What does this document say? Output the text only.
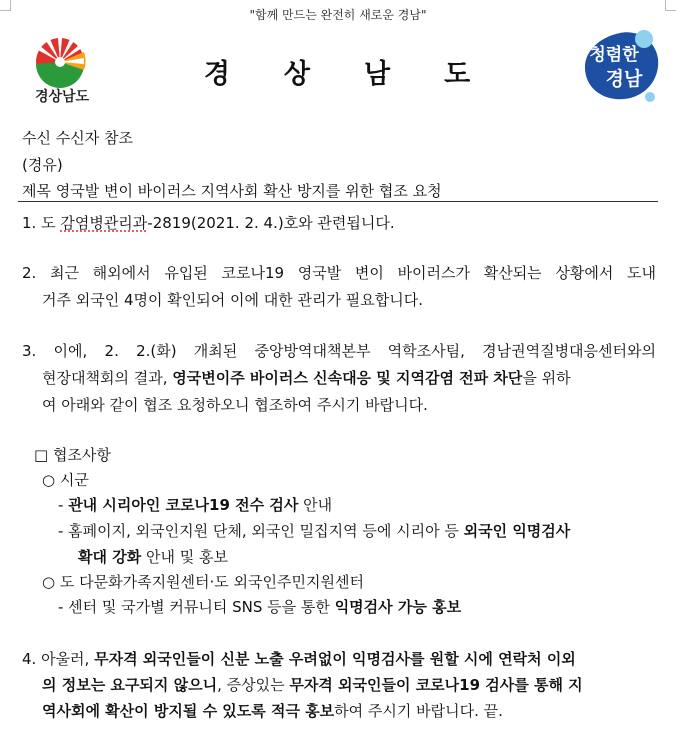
"함께 만드는 완전히 새로운 경남"
경상남도
경 상 남 도
청렴한
경남
수신 수신자 참조
(경유)
제목 영국발 변이 바이러스 지역사회 확산 방지를 위한 협조 요청
1. 도 감염병관리과-2819(2021. 2. 4.)호와 관련됩니다.
2. 최근 해외에서 유입된 코로나19 영국발 변이 바이러스가 확산되는 상황에서 도내
거주 외국인 4명이 확인되어 이에 대한 관리가 필요합니다.
3. 이에, 2. 2.(화) 개최된 중앙방역대책본부 역학조사팀, 경남권역질병대응센터와의
현장대책회의 결과, 영국변이주 바이러스 신속대응 및 지역감염 전파 차단을 위하
여 아래와 같이 협조 요청하오니 협조하여 주시기 바랍니다.
□ 협조사항
○ 시군
- 관내 시리아인 코로나19 전수 검사 안내
- 홈페이지, 외국인지원 단체, 외국인 밀집지역 등에 시리아 등 외국인 익명검사
확대 강화 안내 및 홍보
○ 도 다문화가족지원센터·도 외국인주민지원센터
- 센터 및 국가별 커뮤니티 SNS 등을 통한 익명검사 가능 홍보
4. 아울러, 무자격 외국인들이 신분 노출 우려없이 익명검사를 원할 시에 연락처 이외
의 정보는 요구되지 않으니, 증상있는 무자격 외국인들이 코로나19 검사를 통해 지
역사회에 확산이 방지될 수 있도록 적극 홍보하여 주시기 바랍니다. 끝.
